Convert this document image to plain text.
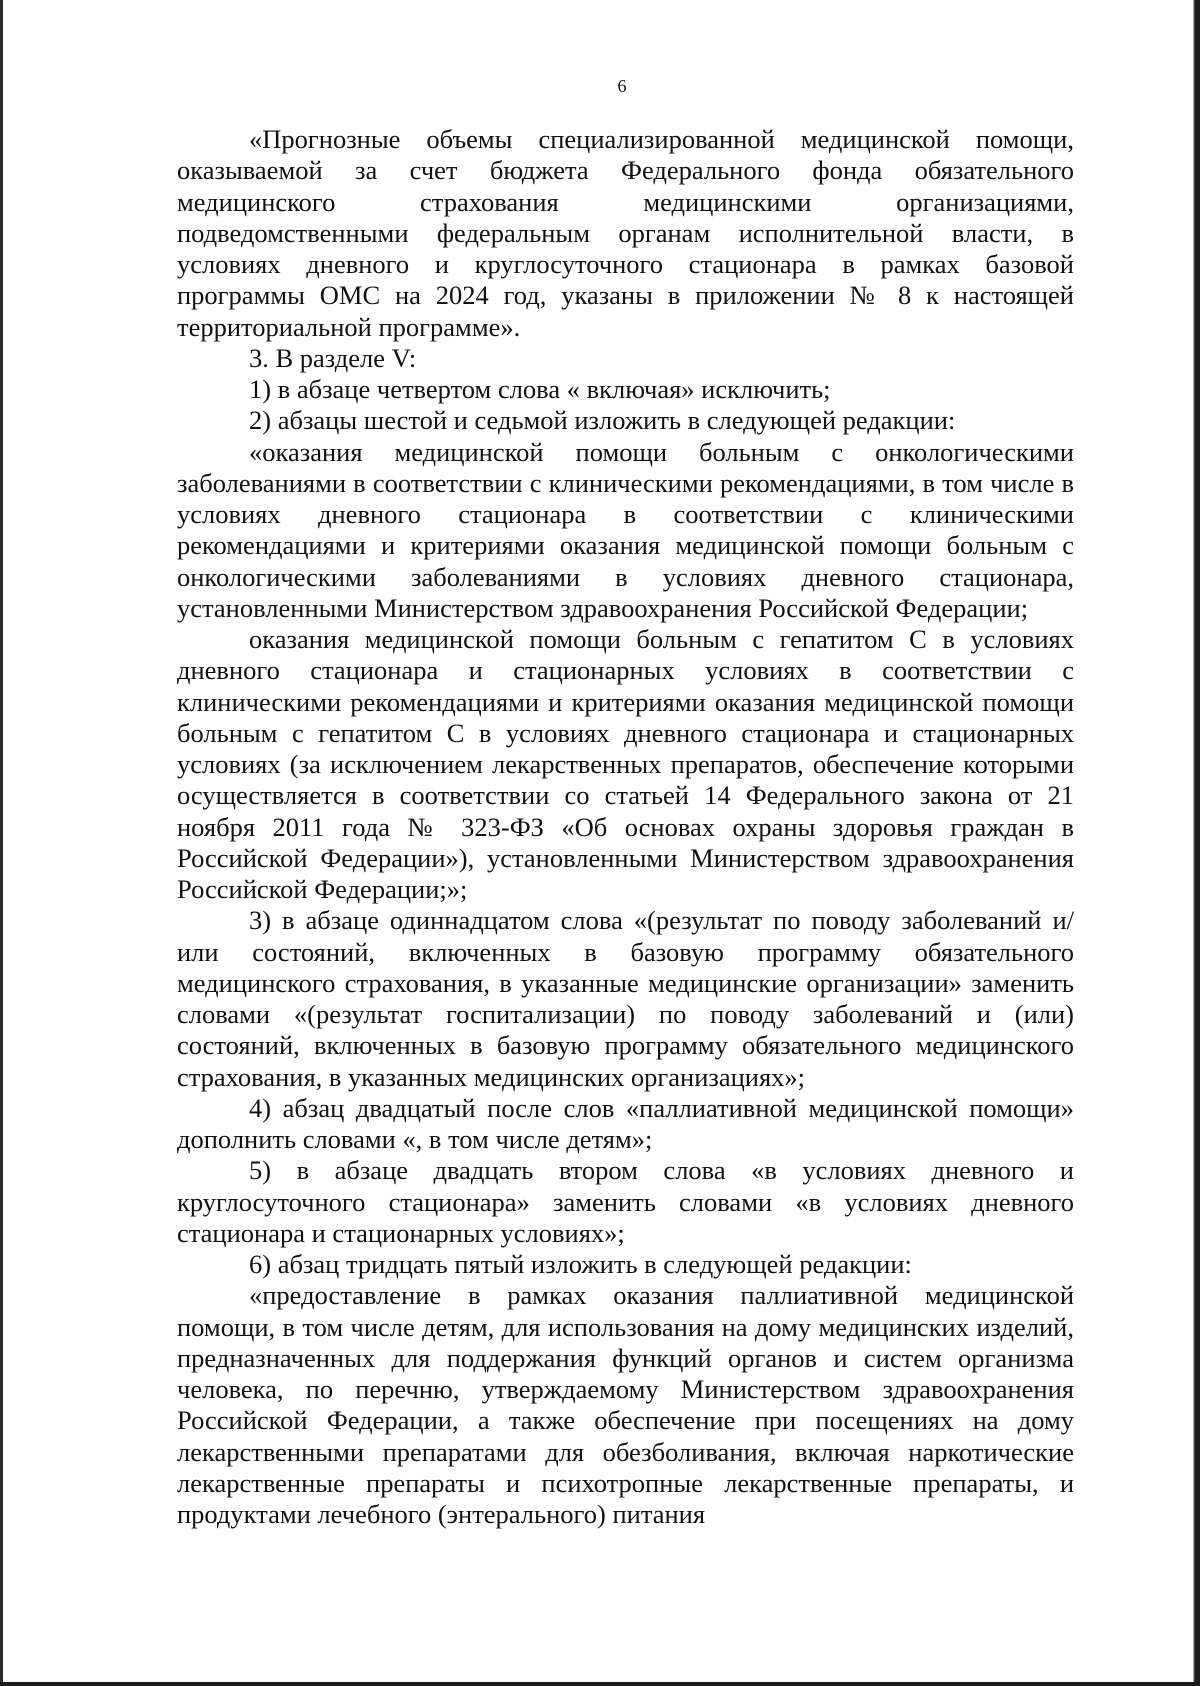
6

«Прогнозные объемы специализированной медицинской помощи, оказываемой за счет бюджета Федерального фонда обязательного медицинского страхования медицинскими организациями, подведомственными федеральным органам исполнительной власти, в условиях дневного и круглосуточного стационара в рамках базовой программы ОМС на 2024 год, указаны в приложении № 8 к настоящей территориальной программе».

3. В разделе V:

1) в абзаце четвертом слова « включая» исключить;

2) абзацы шестой и седьмой изложить в следующей редакции:

«оказания медицинской помощи больным с онкологическими заболеваниями в соответствии с клиническими рекомендациями, в том числе в условиях дневного стационара в соответствии с клиническими рекомендациями и критериями оказания медицинской помощи больным с онкологическими заболеваниями в условиях дневного стационара, установленными Министерством здравоохранения Российской Федерации;

оказания медицинской помощи больным с гепатитом С в условиях дневного стационара и стационарных условиях в соответствии с клиническими рекомендациями и критериями оказания медицинской помощи больным с гепатитом С в условиях дневного стационара и стационарных условиях (за исключением лекарственных препаратов, обеспечение которыми осуществляется в соответствии со статьей 14 Федерального закона от 21 ноября 2011 года № 323-ФЗ «Об основах охраны здоровья граждан в Российской Федерации»), установленными Министерством здравоохранения Российской Федерации;»;

3) в абзаце одиннадцатом слова «(результат по поводу заболеваний и/или состояний, включенных в базовую программу обязательного медицинского страхования, в указанные медицинские организации» заменить словами «(результат госпитализации) по поводу заболеваний и (или) состояний, включенных в базовую программу обязательного медицинского страхования, в указанных медицинских организациях»;

4) абзац двадцатый после слов «паллиативной медицинской помощи» дополнить словами «, в том числе детям»;

5) в абзаце двадцать втором слова «в условиях дневного и круглосуточного стационара» заменить словами «в условиях дневного стационара и стационарных условиях»;

6) абзац тридцать пятый изложить в следующей редакции:

«предоставление в рамках оказания паллиативной медицинской помощи, в том числе детям, для использования на дому медицинских изделий, предназначенных для поддержания функций органов и систем организма человека, по перечню, утверждаемому Министерством здравоохранения Российской Федерации, а также обеспечение при посещениях на дому лекарственными препаратами для обезболивания, включая наркотические лекарственные препараты и психотропные лекарственные препараты, и продуктами лечебного (энтерального) питания
